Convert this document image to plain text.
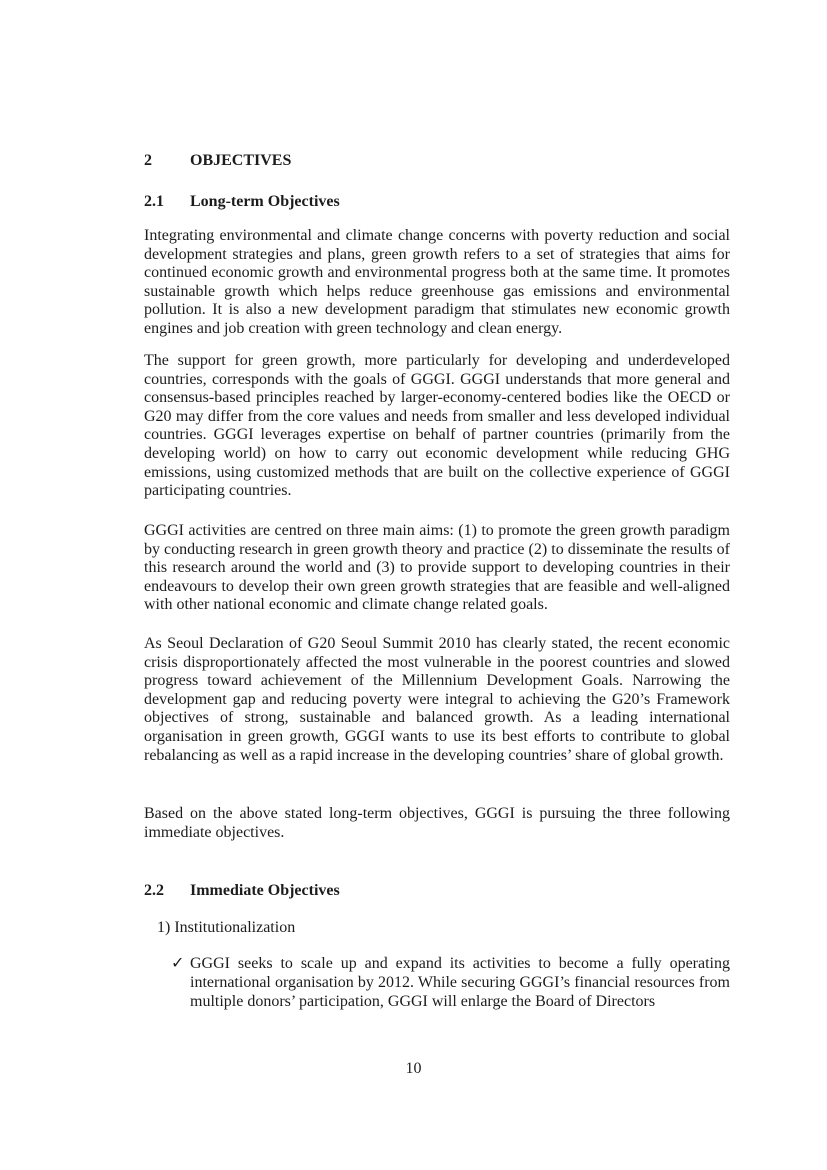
2 OBJECTIVES
2.1 Long-term Objectives

Integrating environmental and climate change concerns with poverty reduction and social development strategies and plans, green growth refers to a set of strategies that aims for continued economic growth and environmental progress both at the same time. It promotes sustainable growth which helps reduce greenhouse gas emissions and environmental pollution. It is also a new development paradigm that stimulates new economic growth engines and job creation with green technology and clean energy.

The support for green growth, more particularly for developing and underdeveloped countries, corresponds with the goals of GGGI. GGGI understands that more general and consensus-based principles reached by larger-economy-centered bodies like the OECD or G20 may differ from the core values and needs from smaller and less developed individual countries. GGGI leverages expertise on behalf of partner countries (primarily from the developing world) on how to carry out economic development while reducing GHG emissions, using customized methods that are built on the collective experience of GGGI participating countries.

GGGI activities are centred on three main aims: (1) to promote the green growth paradigm by conducting research in green growth theory and practice (2) to disseminate the results of this research around the world and (3) to provide support to developing countries in their endeavours to develop their own green growth strategies that are feasible and well-aligned with other national economic and climate change related goals.

As Seoul Declaration of G20 Seoul Summit 2010 has clearly stated, the recent economic crisis disproportionately affected the most vulnerable in the poorest countries and slowed progress toward achievement of the Millennium Development Goals. Narrowing the development gap and reducing poverty were integral to achieving the G20’s Framework objectives of strong, sustainable and balanced growth. As a leading international organisation in green growth, GGGI wants to use its best efforts to contribute to global rebalancing as well as a rapid increase in the developing countries’ share of global growth.

Based on the above stated long-term objectives, GGGI is pursuing the three following immediate objectives.

2.2 Immediate Objectives
1) Institutionalization
✓ GGGI seeks to scale up and expand its activities to become a fully operating international organisation by 2012. While securing GGGI’s financial resources from multiple donors’ participation, GGGI will enlarge the Board of Directors

10
